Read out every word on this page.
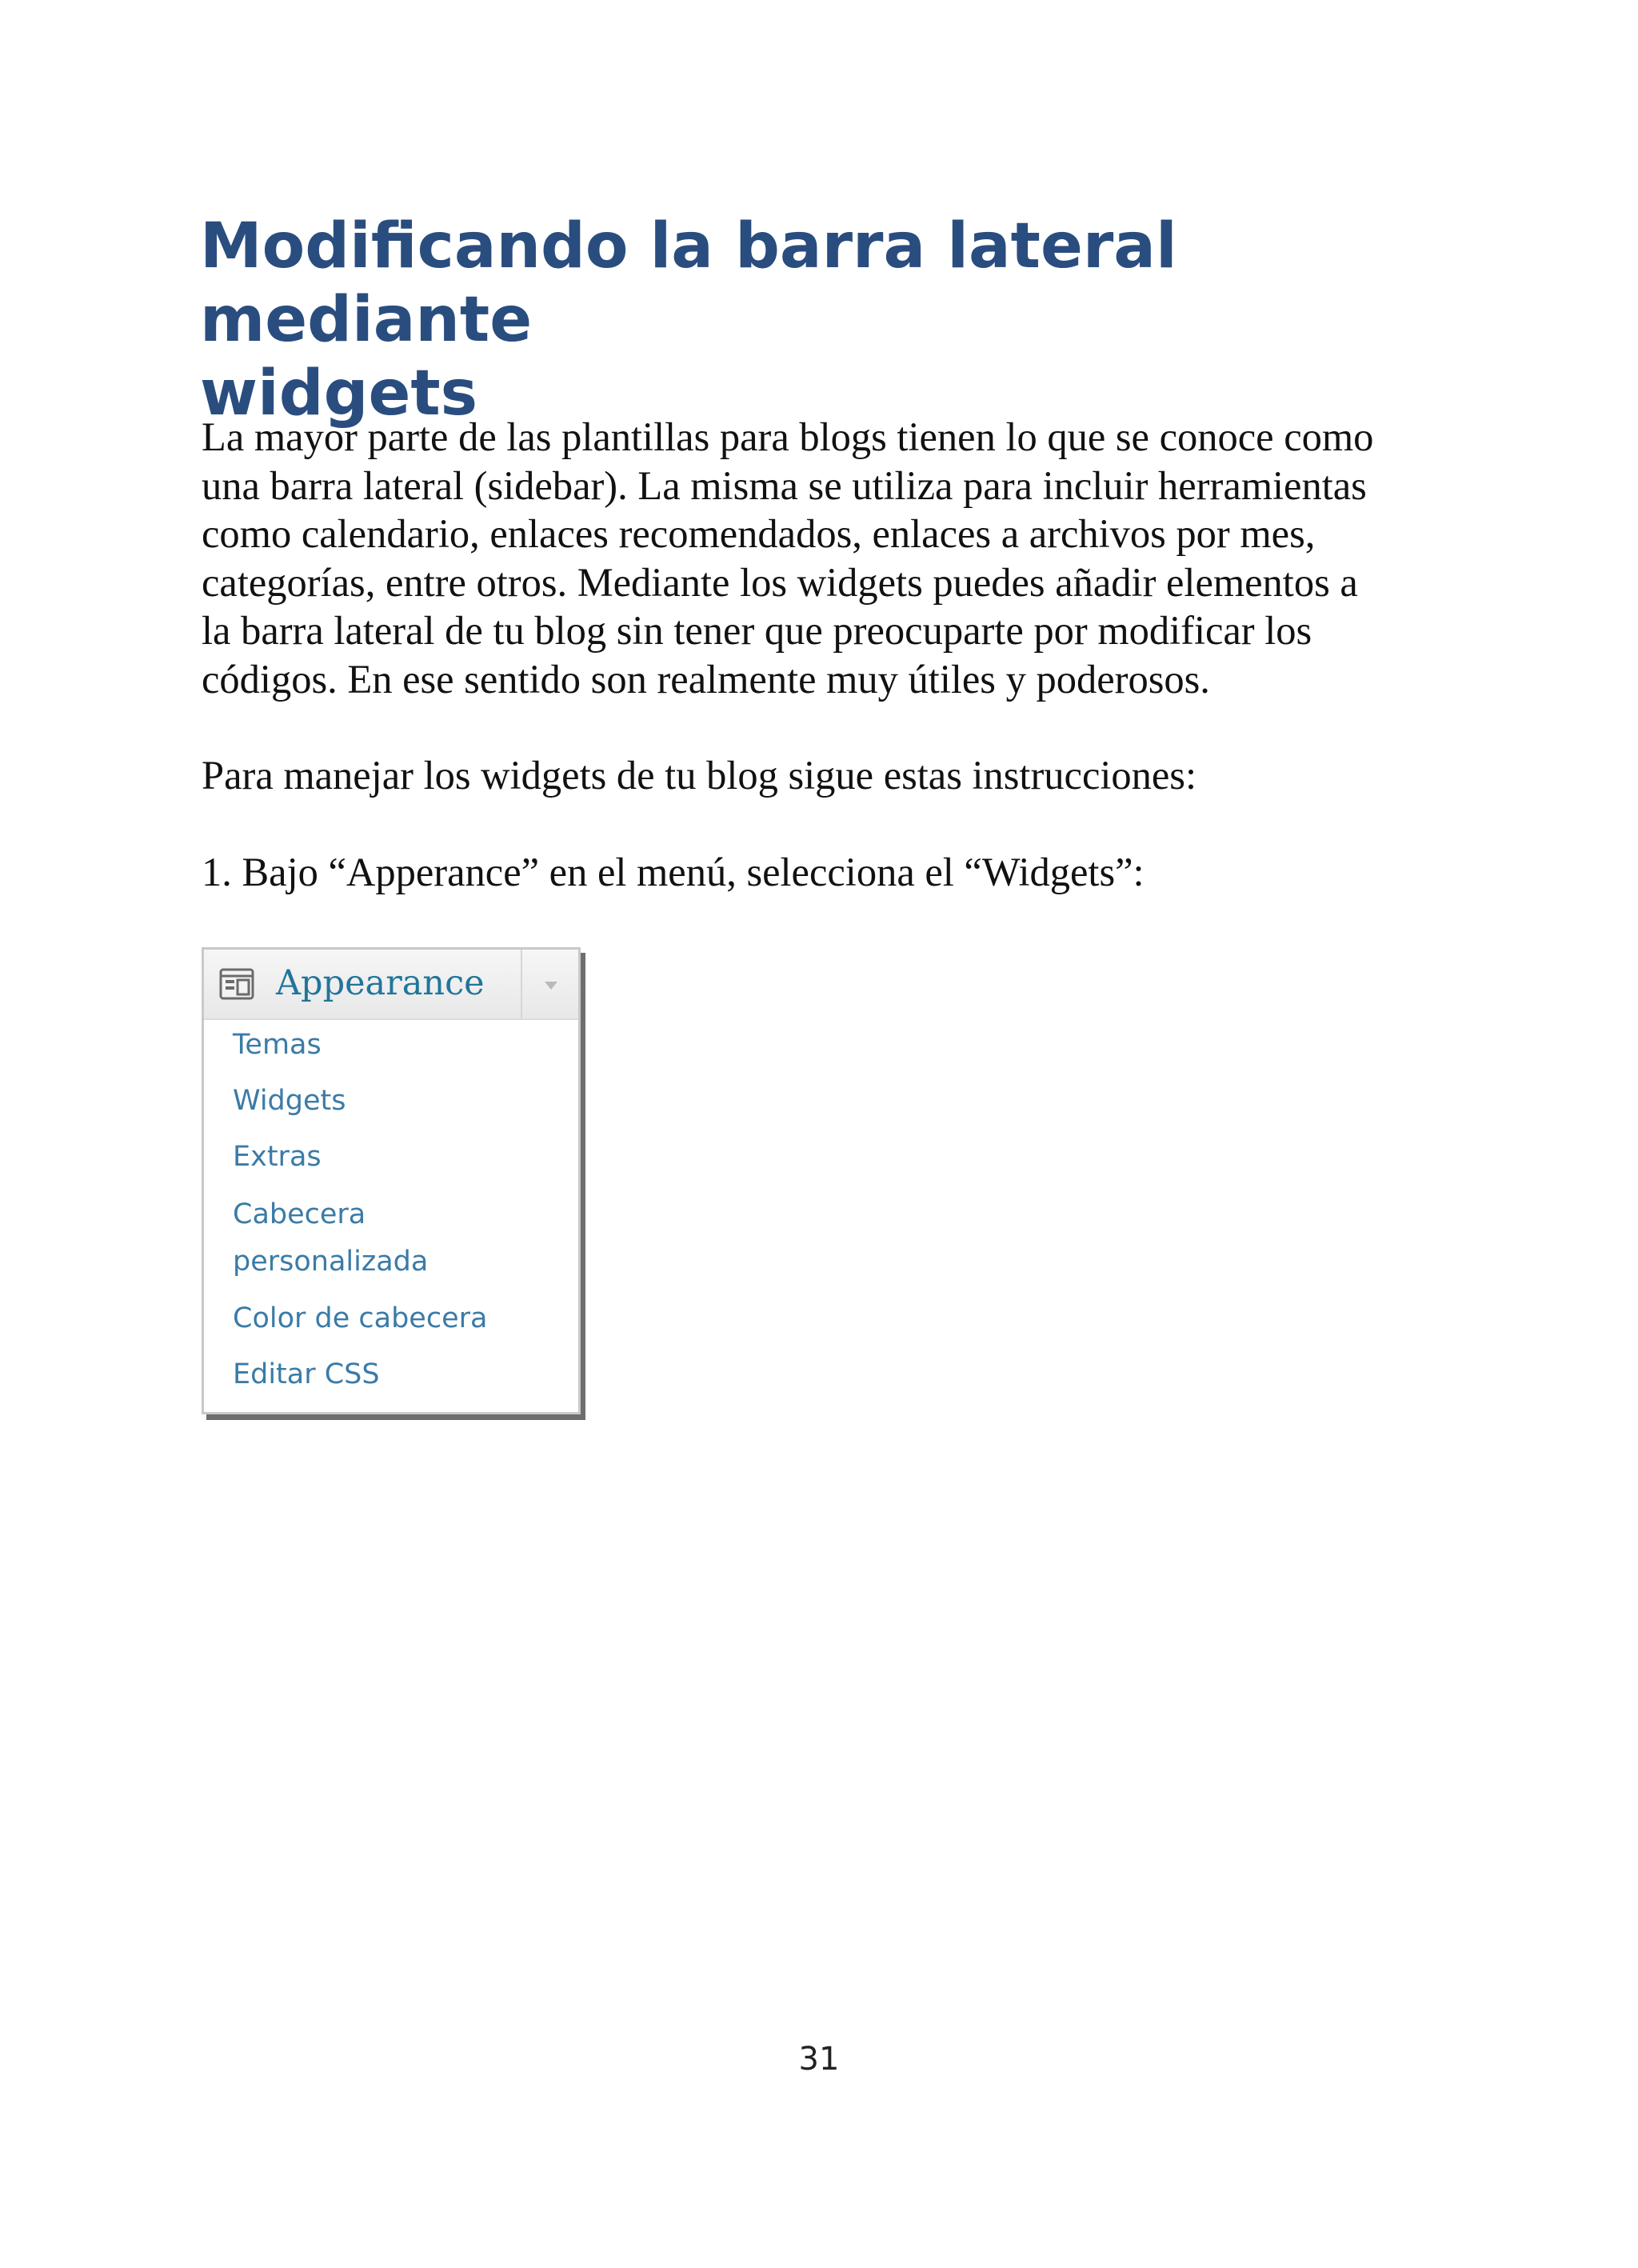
Modificando la barra lateral mediante
widgets

La mayor parte de las plantillas para blogs tienen lo que se conoce como
una barra lateral (sidebar). La misma se utiliza para incluir herramientas
como calendario, enlaces recomendados, enlaces a archivos por mes,
categorías, entre otros. Mediante los widgets puedes añadir elementos a
la barra lateral de tu blog sin tener que preocuparte por modificar los
códigos. En ese sentido son realmente muy útiles y poderosos.

Para manejar los widgets de tu blog sigue estas instrucciones:

1. Bajo “Apperance” en el menú, selecciona el “Widgets”:

Appearance
Temas
Widgets
Extras
Cabecera
personalizada
Color de cabecera
Editar CSS
31
